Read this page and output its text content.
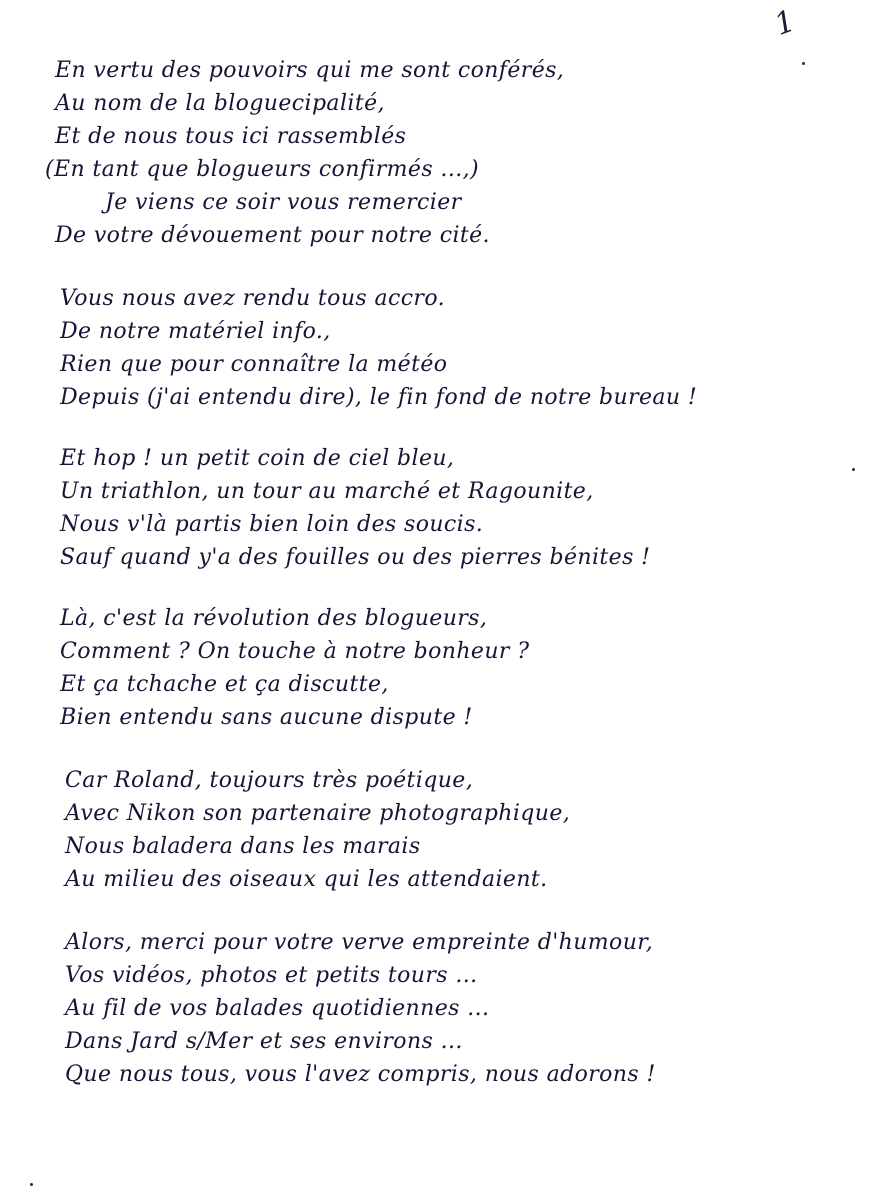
1
En vertu des pouvoirs qui me sont conférés,
Au nom de la bloguecipalité,
Et de nous tous ici rassemblés
(En tant que blogueurs confirmés ...,)
Je viens ce soir vous remercier
De votre dévouement pour notre cité.
Vous nous avez rendu tous accro.
De notre matériel info.,
Rien que pour connaître la météo
Depuis (j'ai entendu dire), le fin fond de notre bureau !
Et hop ! un petit coin de ciel bleu,
Un triathlon, un tour au marché et Ragounite,
Nous v'là partis bien loin des soucis.
Sauf quand y'a des fouilles ou des pierres bénites !
Là, c'est la révolution des blogueurs,
Comment ? On touche à notre bonheur ?
Et ça tchache et ça discutte,
Bien entendu sans aucune dispute !
Car Roland, toujours très poétique,
Avec Nikon son partenaire photographique,
Nous baladera dans les marais
Au milieu des oiseaux qui les attendaient.
Alors, merci pour votre verve empreinte d'humour,
Vos vidéos, photos et petits tours ...
Au fil de vos balades quotidiennes ...
Dans Jard s/Mer et ses environs ...
Que nous tous, vous l'avez compris, nous adorons !
